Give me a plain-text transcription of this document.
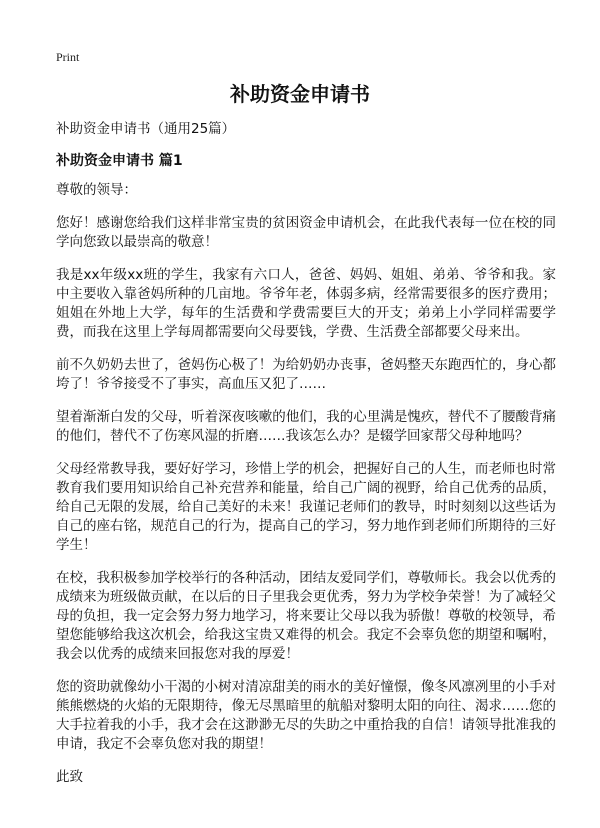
Print
补助资金申请书

补助资金申请书（通用25篇）

补助资金申请书 篇1

尊敬的领导：

您好！感谢您给我们这样非常宝贵的贫困资金申请机会，在此我代表每一位在校的同学向您致以最崇高的敬意！

我是xx年级xx班的学生，我家有六口人，爸爸、妈妈、姐姐、弟弟、爷爷和我。家中主要收入靠爸妈所种的几亩地。爷爷年老，体弱多病，经常需要很多的医疗费用；姐姐在外地上大学，每年的生活费和学费需要巨大的开支；弟弟上小学同样需要学费，而我在这里上学每周都需要向父母要钱，学费、生活费全部都要父母来出。

前不久奶奶去世了，爸妈伤心极了！为给奶奶办丧事，爸妈整天东跑西忙的，身心都垮了！爷爷接受不了事实，高血压又犯了……

望着渐渐白发的父母，听着深夜咳嗽的他们，我的心里满是愧疚，替代不了腰酸背痛的他们，替代不了伤寒风湿的折磨……我该怎么办？是辍学回家帮父母种地吗？

父母经常教导我，要好好学习，珍惜上学的机会，把握好自己的人生，而老师也时常教育我们要用知识给自己补充营养和能量，给自己广阔的视野，给自己优秀的品质，给自己无限的发展，给自己美好的未来！我谨记老师们的教导，时时刻刻以这些话为自己的座右铭，规范自己的行为，提高自己的学习，努力地作到老师们所期待的三好学生！

在校，我积极参加学校举行的各种活动，团结友爱同学们，尊敬师长。我会以优秀的成绩来为班级做贡献，在以后的日子里我会更优秀，努力为学校争荣誉！为了减轻父母的负担，我一定会努力努力地学习，将来要让父母以我为骄傲！尊敬的校领导，希望您能够给我这次机会，给我这宝贵又难得的机会。我定不会辜负您的期望和嘱咐，我会以优秀的成绩来回报您对我的厚爱！

您的资助就像幼小干渴的小树对清凉甜美的雨水的美好憧憬，像冬风凛冽里的小手对熊熊燃烧的火焰的无限期待，像无尽黑暗里的航船对黎明太阳的向往、渴求……您的大手拉着我的小手，我才会在这渺渺无尽的失助之中重拾我的自信！请领导批准我的申请，我定不会辜负您对我的期望！

此致
